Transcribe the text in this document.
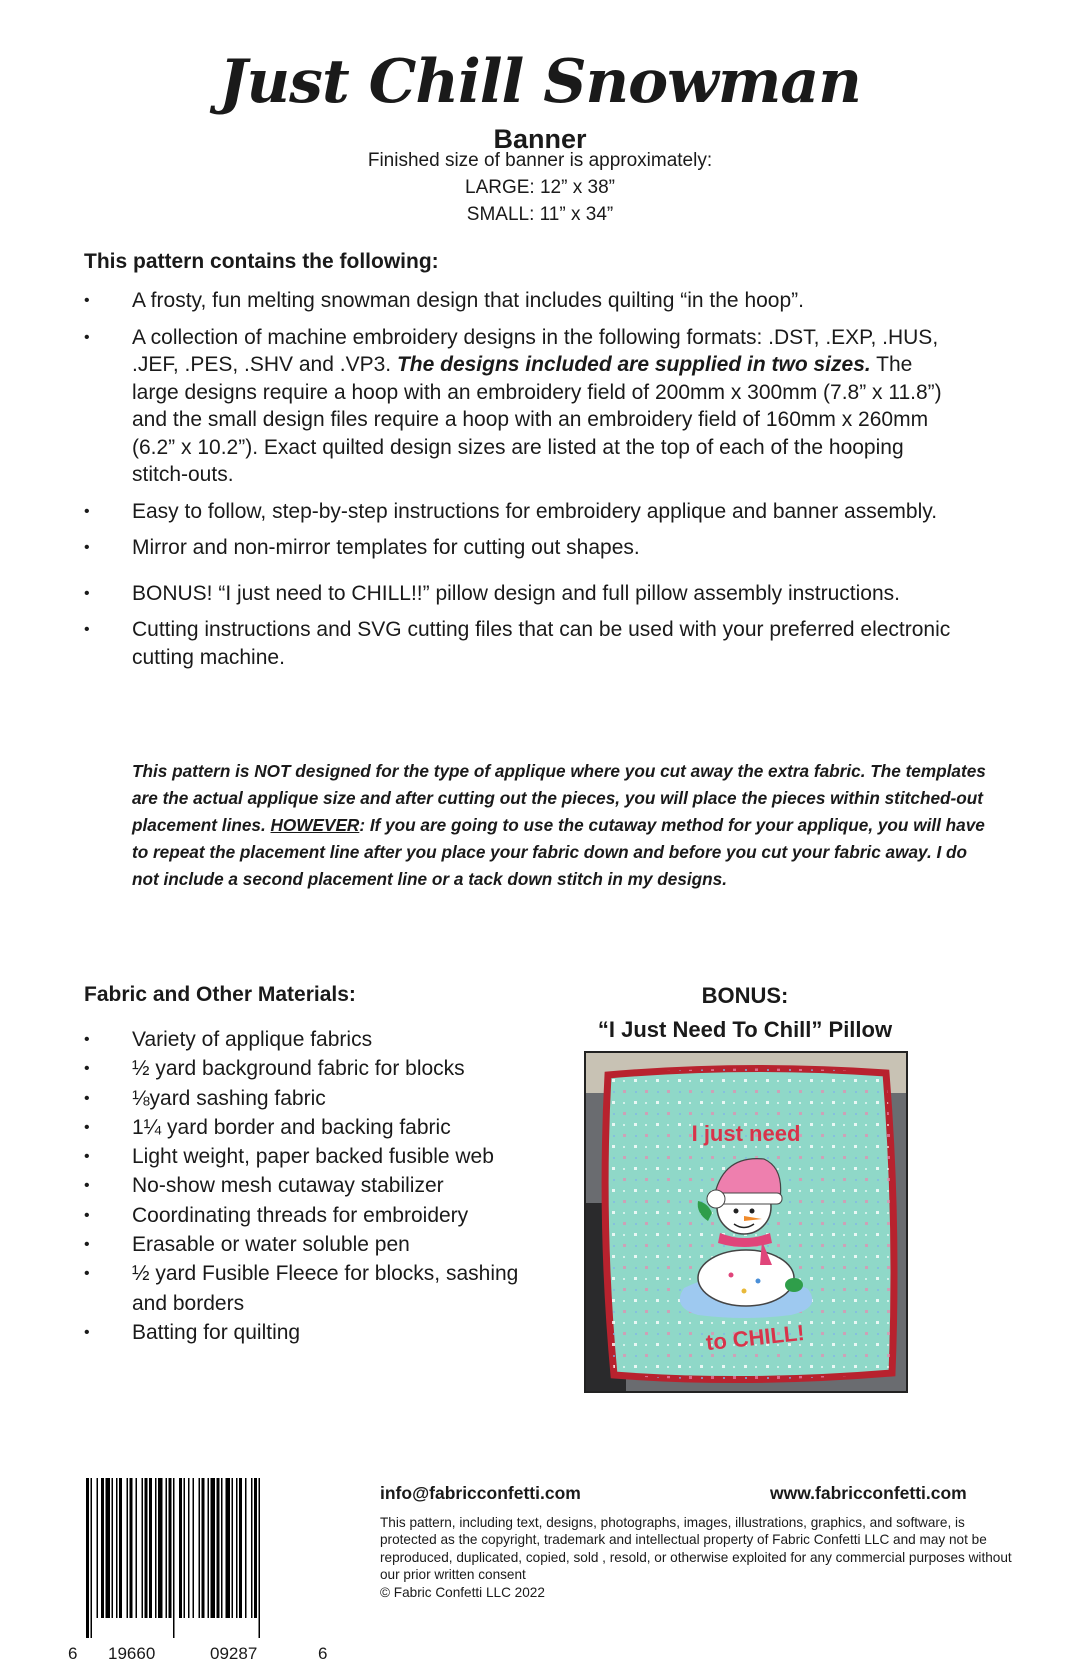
Just Chill Snowman
Banner
Finished size of banner is approximately:
LARGE: 12” x 38”
SMALL: 11” x 34”
This pattern contains the following:
• A frosty, fun melting snowman design that includes quilting “in the hoop”.
• A collection of machine embroidery designs in the following formats: .DST, .EXP, .HUS, .JEF, .PES, .SHV and .VP3. The designs included are supplied in two sizes. The large designs require a hoop with an embroidery field of 200mm x 300mm (7.8” x 11.8”) and the small design files require a hoop with an embroidery field of 160mm x 260mm (6.2” x 10.2”). Exact quilted design sizes are listed at the top of each of the hooping stitch-outs.
• Easy to follow, step-by-step instructions for embroidery applique and banner assembly.
• Mirror and non-mirror templates for cutting out shapes.
• BONUS! “I just need to CHILL!!” pillow design and full pillow assembly instructions.
• Cutting instructions and SVG cutting files that can be used with your preferred electronic cutting machine.
This pattern is NOT designed for the type of applique where you cut away the extra fabric. The templates are the actual applique size and after cutting out the pieces, you will place the pieces within stitched-out placement lines. HOWEVER: If you are going to use the cutaway method for your applique, you will have to repeat the placement line after you place your fabric down and before you cut your fabric away. I do not include a second placement line or a tack down stitch in my designs.
Fabric and Other Materials:
• Variety of applique fabrics
• ½ yard background fabric for blocks
• ⅛yard sashing fabric
• 1¼ yard border and backing fabric
• Light weight, paper backed fusible web
• No-show mesh cutaway stabilizer
• Coordinating threads for embroidery
• Erasable or water soluble pen
• ½ yard Fusible Fleece for blocks, sashing and borders
• Batting for quilting
BONUS:
“I Just Need To Chill” Pillow
I just need
to CHILL!
6 19660	09287	6
info@fabricconfetti.com	www.fabricconfetti.com
This pattern, including text, designs, photographs, images, illustrations, graphics, and software, is protected as the copyright, trademark and intellectual property of Fabric Confetti LLC and may not be reproduced, duplicated, copied, sold , resold, or otherwise exploited for any commercial purposes without our prior written consent
© Fabric Confetti LLC 2022
